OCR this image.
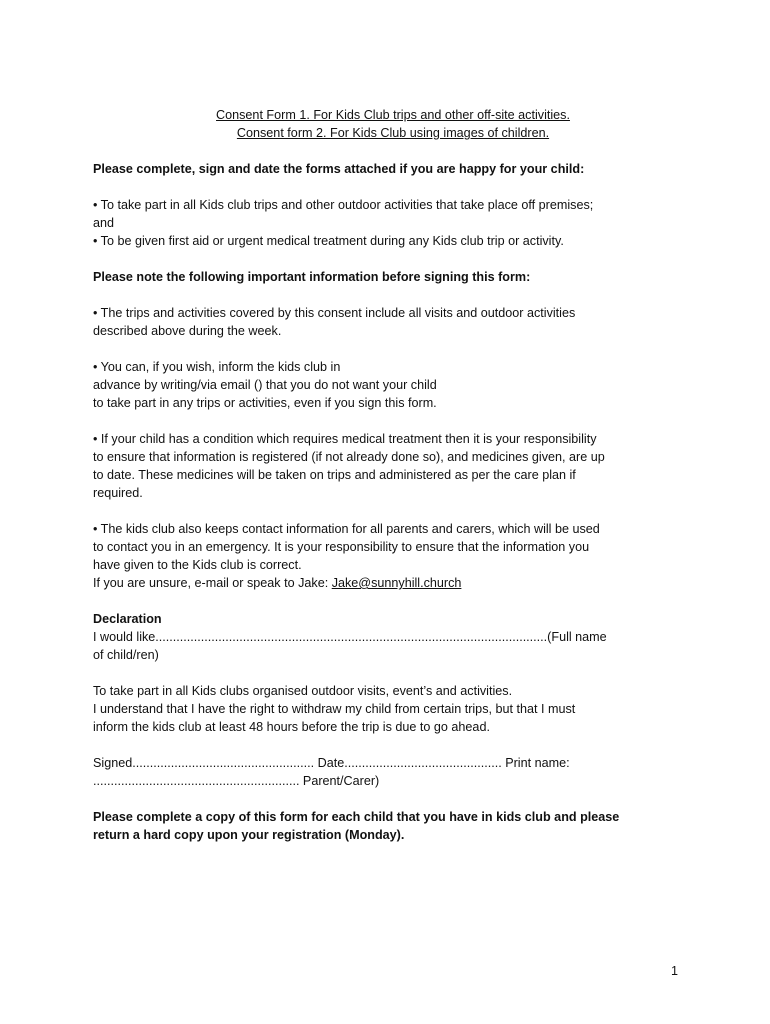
Consent Form 1. For Kids Club trips and other off-site activities.

Consent form 2. For Kids Club using images of children.

Please complete, sign and date the forms attached if you are happy for your child:

• To take part in all Kids club trips and other outdoor activities that take place off premises;

and

• To be given first aid or urgent medical treatment during any Kids club trip or activity.

Please note the following important information before signing this form:

• The trips and activities covered by this consent include all visits and outdoor activities

described above during the week.

• You can, if you wish, inform the kids club in

advance by writing/via email () that you do not want your child

to take part in any trips or activities, even if you sign this form.

• If your child has a condition which requires medical treatment then it is your responsibility

to ensure that information is registered (if not already done so), and medicines given, are up

to date. These medicines will be taken on trips and administered as per the care plan if

required.

• The kids club also keeps contact information for all parents and carers, which will be used

to contact you in an emergency. It is your responsibility to ensure that the information you

have given to the Kids club is correct.

If you are unsure, e-mail or speak to Jake: Jake@sunnyhill.church

Declaration

I would like................................................................................................................(Full name

of child/ren)

To take part in all Kids clubs organised outdoor visits, event’s and activities.

I understand that I have the right to withdraw my child from certain trips, but that I must

inform the kids club at least 48 hours before the trip is due to go ahead.

Signed.................................................... Date............................................. Print name:

........................................................... Parent/Carer)

Please complete a copy of this form for each child that you have in kids club and please

return a hard copy upon your registration (Monday).

1
